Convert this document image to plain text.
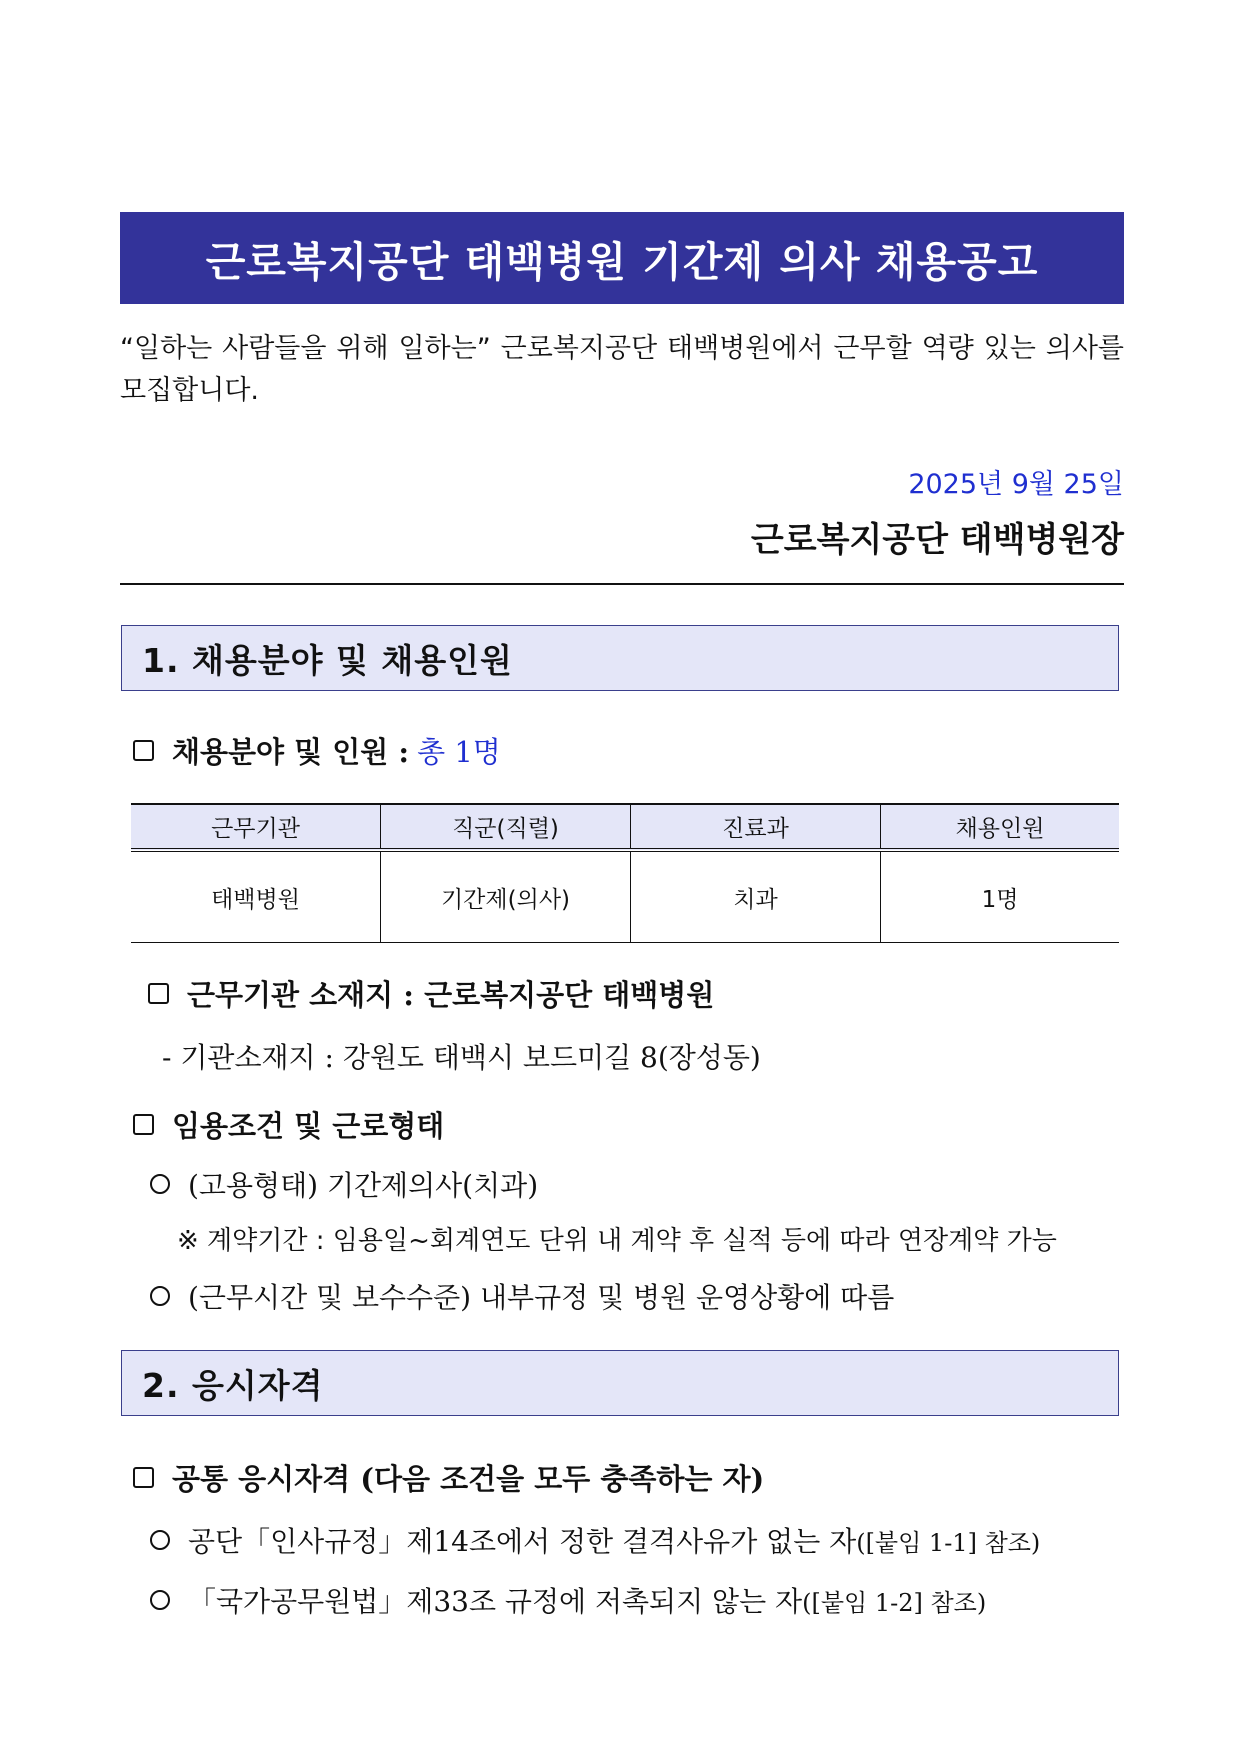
근로복지공단 태백병원 기간제 의사 채용공고
“일하는 사람들을 위해 일하는” 근로복지공단 태백병원에서 근무할 역량 있는 의사를 모집합니다.
2025년 9월 25일
근로복지공단 태백병원장
1. 채용분야 및 채용인원
채용분야 및 인원 : 총 1명
근무기관	직군(직렬)	진료과	채용인원
태백병원	기간제(의사)	치과	1명
근무기관 소재지 : 근로복지공단 태백병원
- 기관소재지 : 강원도 태백시 보드미길 8(장성동)
임용조건 및 근로형태
(고용형태) 기간제의사(치과)
※ 계약기간 : 임용일~회계연도 단위 내 계약 후 실적 등에 따라 연장계약 가능
(근무시간 및 보수수준) 내부규정 및 병원 운영상황에 따름
2. 응시자격
공통 응시자격 (다음 조건을 모두 충족하는 자)
공단「인사규정」제14조에서 정한 결격사유가 없는 자 ([붙임 1-1] 참조)
「국가공무원법」제33조 규정에 저촉되지 않는 자 ([붙임 1-2] 참조)
